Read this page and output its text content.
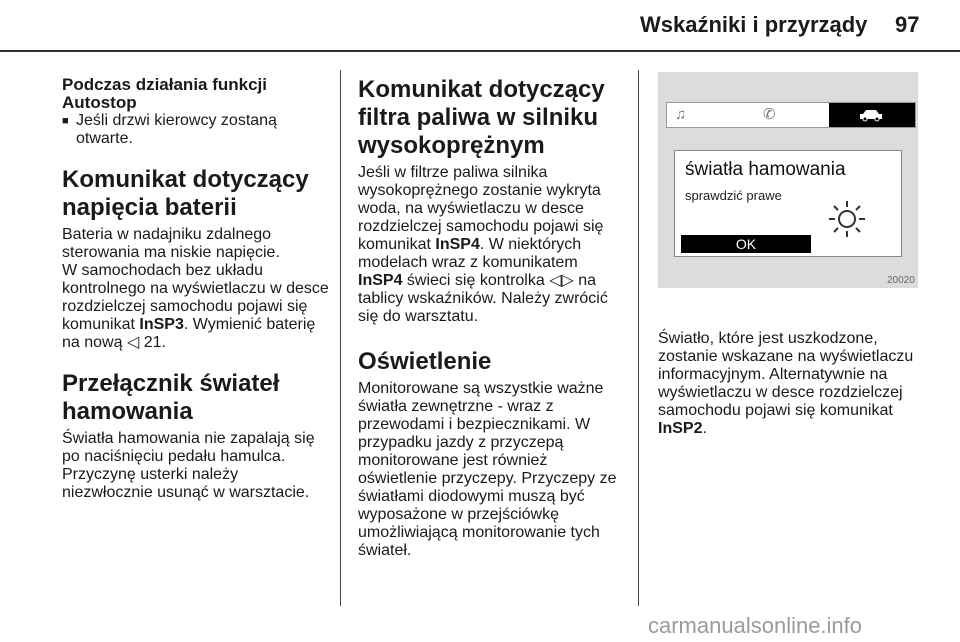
Wskaźniki i przyrządy 97
Podczas działania funkcji Autostop
■ Jeśli drzwi kierowcy zostaną otwarte.
Komunikat dotyczący napięcia baterii

Bateria w nadajniku zdalnego sterowania ma niskie napięcie.

W samochodach bez układu kontrolnego na wyświetlaczu w desce rozdzielczej samochodu pojawi się komunikat InSP3. Wymienić baterię na nową ◁ 21.

Przełącznik świateł hamowania

Światła hamowania nie zapalają się po naciśnięciu pedału hamulca. Przyczynę usterki należy niezwłocznie usunąć w warsztacie.

Komunikat dotyczący filtra paliwa w silniku wysokoprężnym

Jeśli w filtrze paliwa silnika wysokoprężnego zostanie wykryta woda, na wyświetlaczu w desce rozdzielczej samochodu pojawi się komunikat InSP4. W niektórych modelach wraz z komunikatem InSP4 świeci się kontrolka ◁▷ na tablicy wskaźników. Należy zwrócić się do warsztatu.

Oświetlenie

Monitorowane są wszystkie ważne światła zewnętrzne - wraz z przewodami i bezpiecznikami. W przypadku jazdy z przyczepą monitorowane jest również oświetlenie przyczepy. Przyczepy ze światłami diodowymi muszą być wyposażone w przejściówkę umożliwiającą monitorowanie tych świateł.

♫	✆
światła hamowania
sprawdzić prawe
OK

Światło, które jest uszkodzone, zostanie wskazane na wyświetlaczu informacyjnym. Alternatywnie na wyświetlaczu w desce rozdzielczej samochodu pojawi się komunikat InSP2.

20020
carmanualsonline.info
